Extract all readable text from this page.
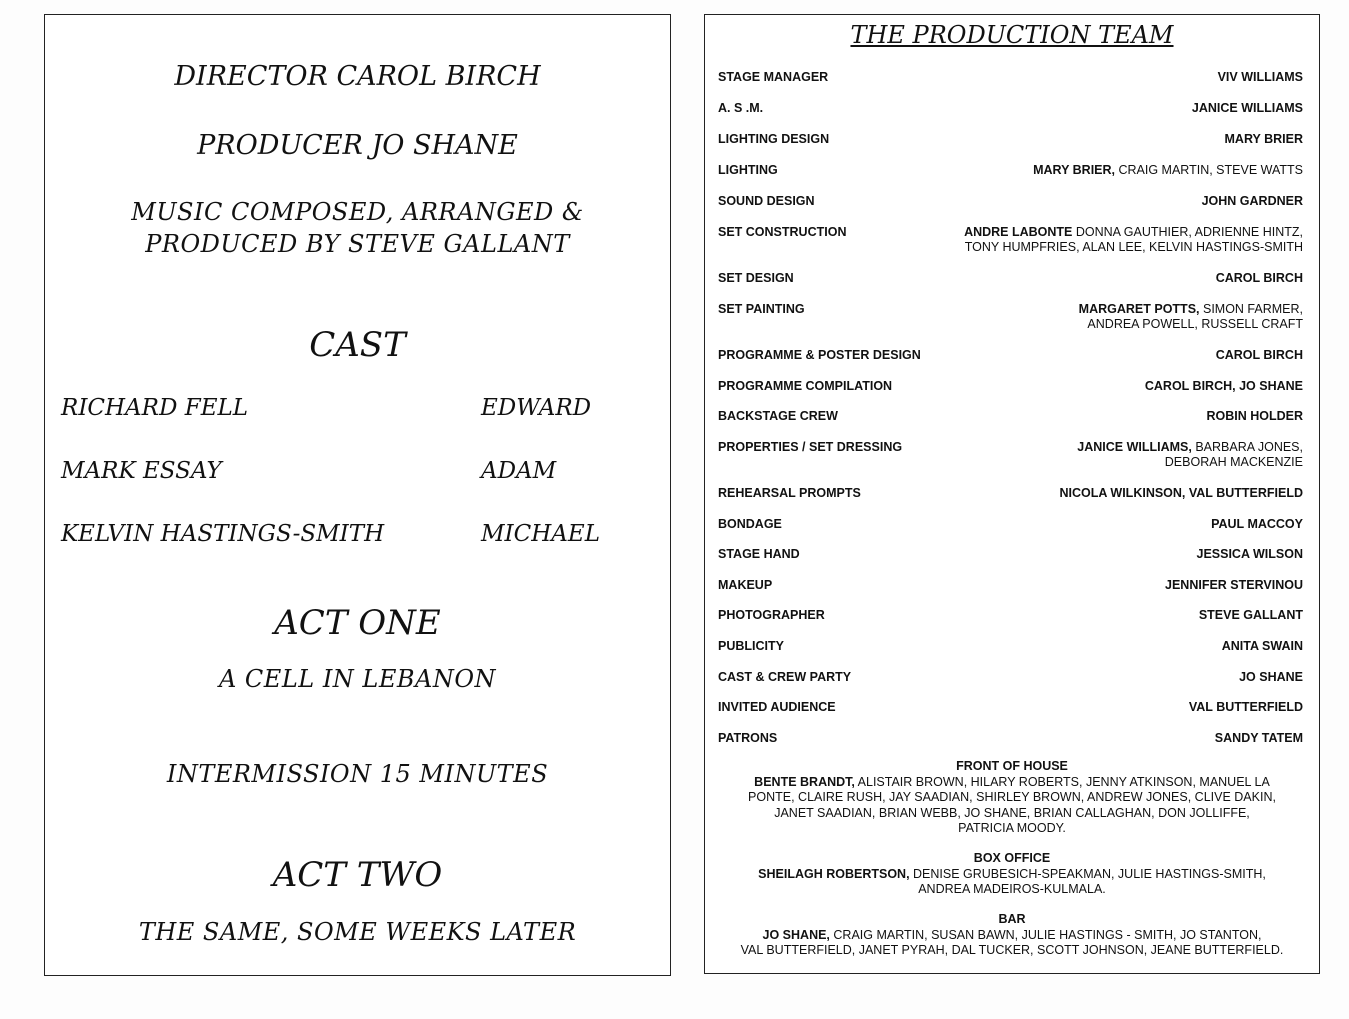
DIRECTOR CAROL BIRCH
PRODUCER JO SHANE
MUSIC COMPOSED, ARRANGED &
PRODUCED BY STEVE GALLANT
CAST
RICHARD FELL	EDWARD
MARK ESSAY	ADAM
KELVIN HASTINGS-SMITH	MICHAEL
ACT ONE
A CELL IN LEBANON
INTERMISSION 15 MINUTES
ACT TWO
THE SAME, SOME WEEKS LATER
THE PRODUCTION TEAM
STAGE MANAGER	VIV WILLIAMS
A. S .M.	JANICE WILLIAMS
LIGHTING DESIGN	MARY BRIER
LIGHTING	MARY BRIER, CRAIG MARTIN, STEVE WATTS
SOUND DESIGN	JOHN GARDNER
SET CONSTRUCTION	ANDRE LABONTE DONNA GAUTHIER, ADRIENNE HINTZ,
TONY HUMPFRIES, ALAN LEE, KELVIN HASTINGS-SMITH
SET DESIGN	CAROL BIRCH
SET PAINTING	MARGARET POTTS, SIMON FARMER,
ANDREA POWELL, RUSSELL CRAFT
PROGRAMME & POSTER DESIGN	CAROL BIRCH
PROGRAMME COMPILATION	CAROL BIRCH, JO SHANE
BACKSTAGE CREW	ROBIN HOLDER
PROPERTIES / SET DRESSING	JANICE WILLIAMS, BARBARA JONES,
DEBORAH MACKENZIE
REHEARSAL PROMPTS	NICOLA WILKINSON, VAL BUTTERFIELD
BONDAGE	PAUL MACCOY
STAGE HAND	JESSICA WILSON
MAKEUP	JENNIFER STERVINOU
PHOTOGRAPHER	STEVE GALLANT
PUBLICITY	ANITA SWAIN
CAST & CREW PARTY	JO SHANE
INVITED AUDIENCE	VAL BUTTERFIELD
PATRONS	SANDY TATEM
FRONT OF HOUSE
BENTE BRANDT, ALISTAIR BROWN, HILARY ROBERTS, JENNY ATKINSON, MANUEL LA
PONTE, CLAIRE RUSH, JAY SAADIAN, SHIRLEY BROWN, ANDREW JONES, CLIVE DAKIN,
JANET SAADIAN, BRIAN WEBB, JO SHANE, BRIAN CALLAGHAN, DON JOLLIFFE,
PATRICIA MOODY.
BOX OFFICE
SHEILAGH ROBERTSON, DENISE GRUBESICH-SPEAKMAN, JULIE HASTINGS-SMITH,
ANDREA MADEIROS-KULMALA.
BAR
JO SHANE, CRAIG MARTIN, SUSAN BAWN, JULIE HASTINGS - SMITH, JO STANTON,
VAL BUTTERFIELD, JANET PYRAH, DAL TUCKER, SCOTT JOHNSON, JEANE BUTTERFIELD.
